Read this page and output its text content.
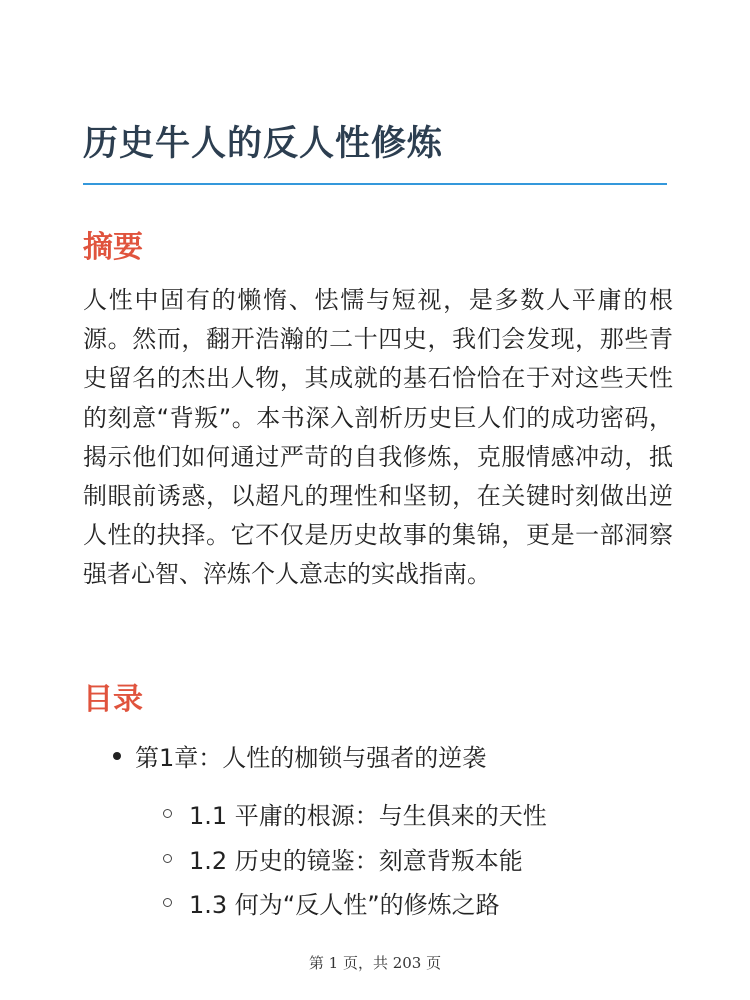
历史牛人的反人性修炼
摘要

人性中固有的懒惰、怯懦与短视，是多数人平庸的根源。然而，翻开浩瀚的二十四史，我们会发现，那些青史留名的杰出人物，其成就的基石恰恰在于对这些天性的刻意“背叛”。本书深入剖析历史巨人们的成功密码，揭示他们如何通过严苛的自我修炼，克服情感冲动，抵制眼前诱惑，以超凡的理性和坚韧，在关键时刻做出逆人性的抉择。它不仅是历史故事的集锦，更是一部洞察强者心智、淬炼个人意志的实战指南。

目录
第1章：人性的枷锁与强者的逆袭
1.1 平庸的根源：与生俱来的天性
1.2 历史的镜鉴：刻意背叛本能
1.3 何为“反人性”的修炼之路
第 1 页，共 203 页
